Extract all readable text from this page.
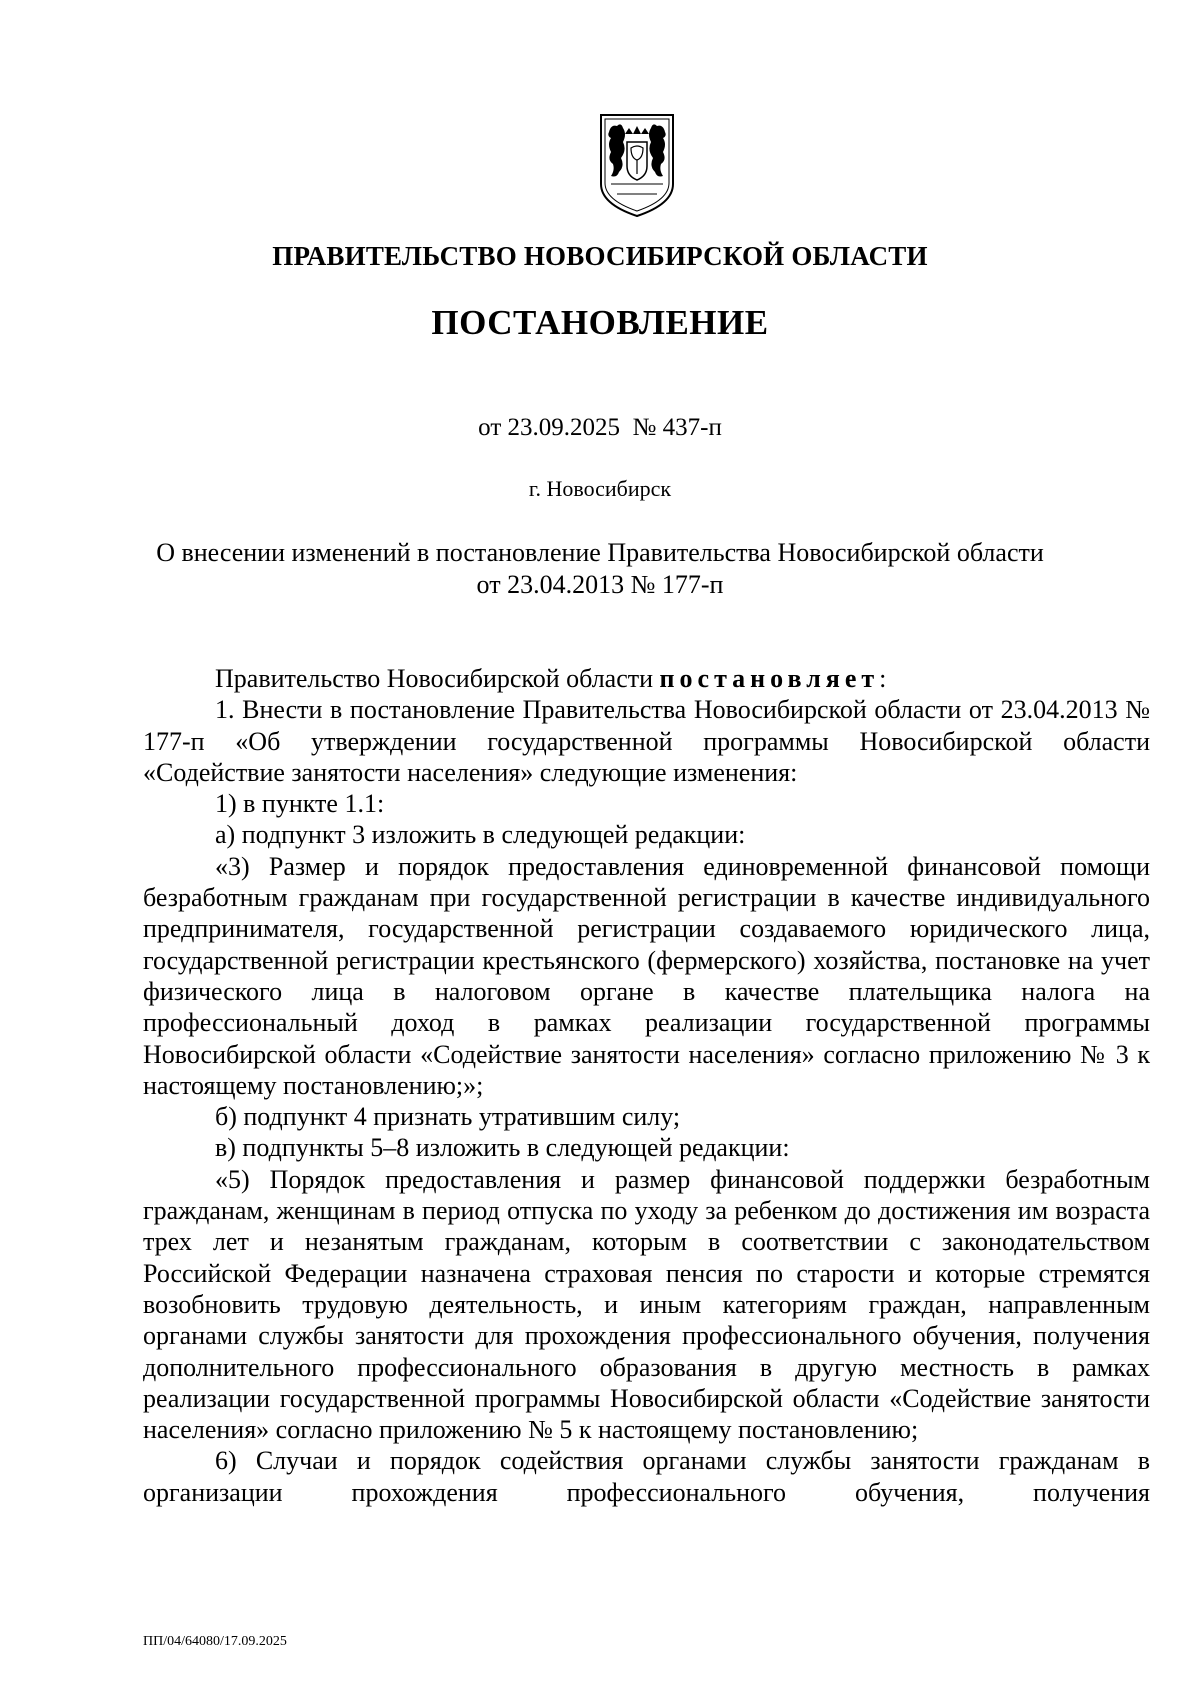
ПРАВИТЕЛЬСТВО НОВОСИБИРСКОЙ ОБЛАСТИ
ПОСТАНОВЛЕНИЕ
от 23.09.2025  № 437-п
г. Новосибирск
О внесении изменений в постановление Правительства Новосибирской области
от 23.04.2013 № 177-п

Правительство Новосибирской области постановляет:

1. Внести в постановление Правительства Новосибирской области от 23.04.2013 № 177-п «Об утверждении государственной программы Новосибирской области «Содействие занятости населения» следующие изменения:

1) в пункте 1.1:

а) подпункт 3 изложить в следующей редакции:

«3) Размер и порядок предоставления единовременной финансовой помощи безработным гражданам при государственной регистрации в качестве индивидуального предпринимателя, государственной регистрации создаваемого юридического лица, государственной регистрации крестьянского (фермерского) хозяйства, постановке на учет физического лица в налоговом органе в качестве плательщика налога на профессиональный доход в рамках реализации государственной программы Новосибирской области «Содействие занятости населения» согласно приложению № 3 к настоящему постановлению;»;

б) подпункт 4 признать утратившим силу;

в) подпункты 5–8 изложить в следующей редакции:

«5) Порядок предоставления и размер финансовой поддержки безработным гражданам, женщинам в период отпуска по уходу за ребенком до достижения им возраста трех лет и незанятым гражданам, которым в соответствии с законодательством Российской Федерации назначена страховая пенсия по старости и которые стремятся возобновить трудовую деятельность, и иным категориям граждан, направленным органами службы занятости для прохождения профессионального обучения, получения дополнительного профессионального образования в другую местность в рамках реализации государственной программы Новосибирской области «Содействие занятости населения» согласно приложению № 5 к настоящему постановлению;

6) Случаи и порядок содействия органами службы занятости гражданам в организации прохождения профессионального обучения, получения

ПП/04/64080/17.09.2025
